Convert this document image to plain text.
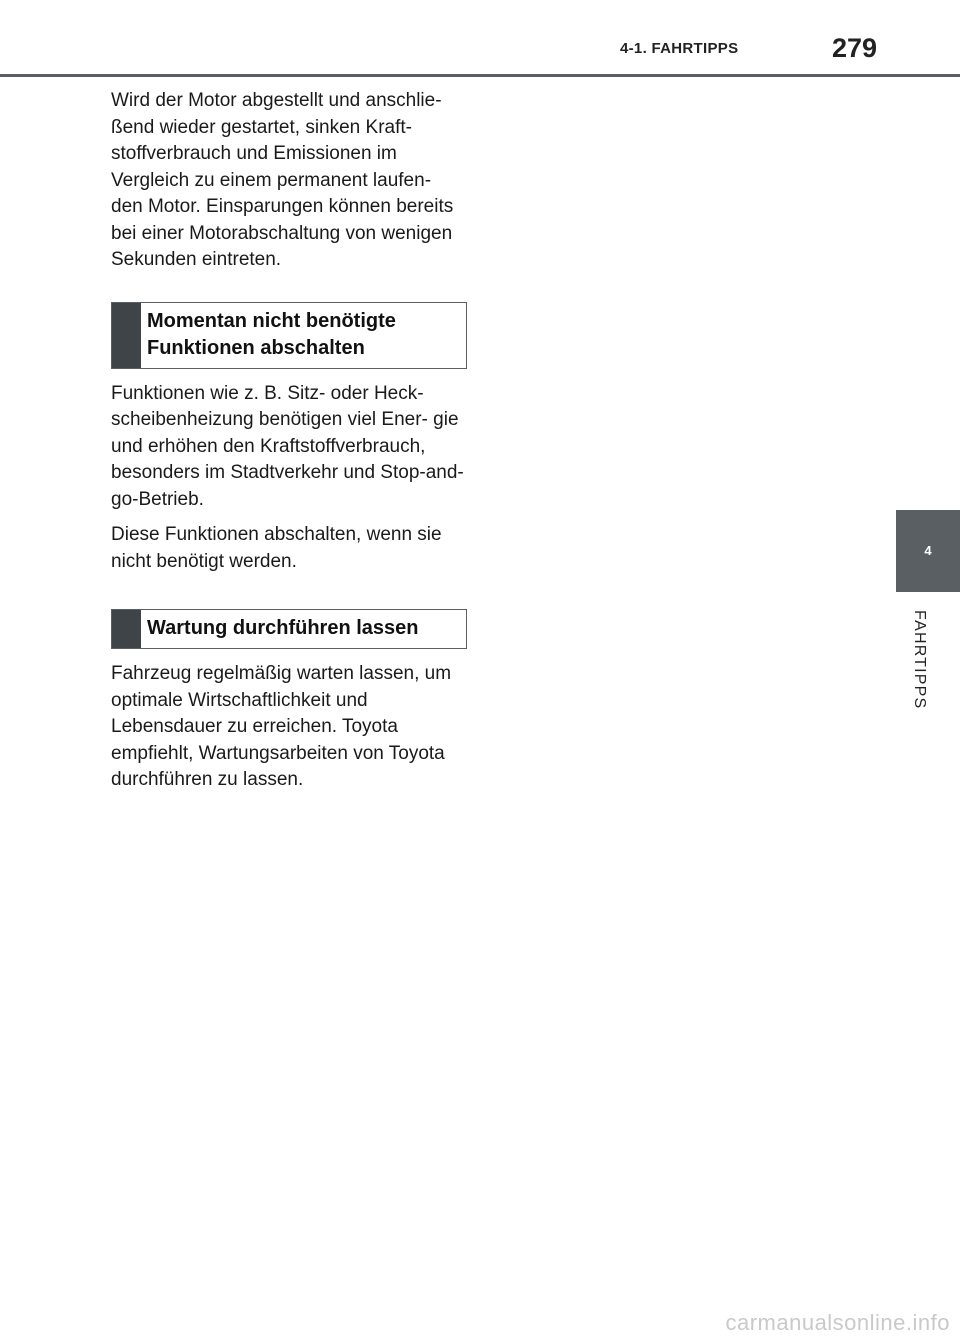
4-1. FAHRTIPPS	279

Wird der Motor abgestellt und anschlie- ßend wieder gestartet, sinken Kraft- stoffverbrauch und Emissionen im Vergleich zu einem permanent laufen- den Motor. Einsparungen können bereits bei einer Motorabschaltung von wenigen Sekunden eintreten.

Momentan nicht benötigte Funktionen abschalten

Funktionen wie z. B. Sitz- oder Heck- scheibenheizung benötigen viel Ener- gie und erhöhen den Kraftstoffverbrauch, besonders im Stadtverkehr und Stop-and-go-Betrieb.

Diese Funktionen abschalten, wenn sie nicht benötigt werden.

Wartung durchführen lassen

Fahrzeug regelmäßig warten lassen, um optimale Wirtschaftlichkeit und Lebensdauer zu erreichen. Toyota empfiehlt, Wartungsarbeiten von Toyota durchführen zu lassen.

4
FAHRTIPPS
carmanualsonline.info
